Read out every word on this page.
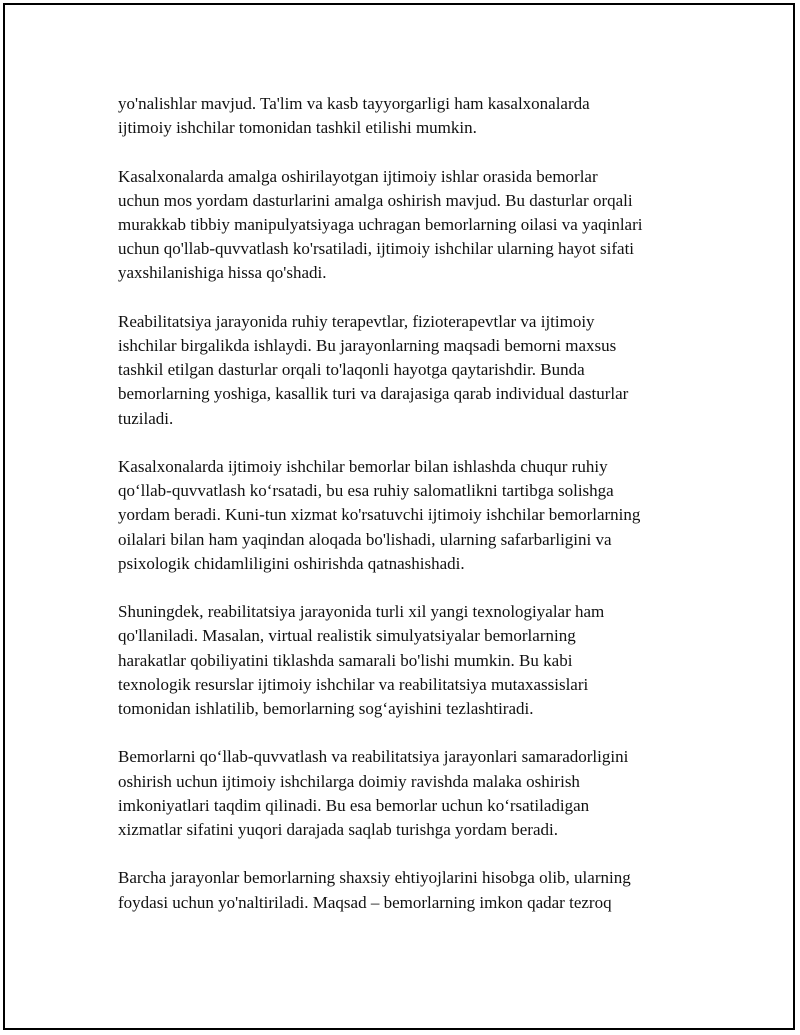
yo'nalishlar mavjud. Ta'lim va kasb tayyorgarligi ham kasalxonalarda
ijtimoiy ishchilar tomonidan tashkil etilishi mumkin.

Kasalxonalarda amalga oshirilayotgan ijtimoiy ishlar orasida bemorlar
uchun mos yordam dasturlarini amalga oshirish mavjud. Bu dasturlar orqali
murakkab tibbiy manipulyatsiyaga uchragan bemorlarning oilasi va yaqinlari
uchun qo'llab-quvvatlash ko'rsatiladi, ijtimoiy ishchilar ularning hayot sifati
yaxshilanishiga hissa qo'shadi.

Reabilitatsiya jarayonida ruhiy terapevtlar, fizioterapevtlar va ijtimoiy
ishchilar birgalikda ishlaydi. Bu jarayonlarning maqsadi bemorni maxsus
tashkil etilgan dasturlar orqali to'laqonli hayotga qaytarishdir. Bunda
bemorlarning yoshiga, kasallik turi va darajasiga qarab individual dasturlar
tuziladi.

Kasalxonalarda ijtimoiy ishchilar bemorlar bilan ishlashda chuqur ruhiy
qo‘llab-quvvatlash ko‘rsatadi, bu esa ruhiy salomatlikni tartibga solishga
yordam beradi. Kuni-tun xizmat ko'rsatuvchi ijtimoiy ishchilar bemorlarning
oilalari bilan ham yaqindan aloqada bo'lishadi, ularning safarbarligini va
psixologik chidamliligini oshirishda qatnashishadi.

Shuningdek, reabilitatsiya jarayonida turli xil yangi texnologiyalar ham
qo'llaniladi. Masalan, virtual realistik simulyatsiyalar bemorlarning
harakatlar qobiliyatini tiklashda samarali bo'lishi mumkin. Bu kabi
texnologik resurslar ijtimoiy ishchilar va reabilitatsiya mutaxassislari
tomonidan ishlatilib, bemorlarning sog‘ayishini tezlashtiradi.

Bemorlarni qo‘llab-quvvatlash va reabilitatsiya jarayonlari samaradorligini
oshirish uchun ijtimoiy ishchilarga doimiy ravishda malaka oshirish
imkoniyatlari taqdim qilinadi. Bu esa bemorlar uchun ko‘rsatiladigan
xizmatlar sifatini yuqori darajada saqlab turishga yordam beradi.

Barcha jarayonlar bemorlarning shaxsiy ehtiyojlarini hisobga olib, ularning
foydasi uchun yo'naltiriladi. Maqsad – bemorlarning imkon qadar tezroq
